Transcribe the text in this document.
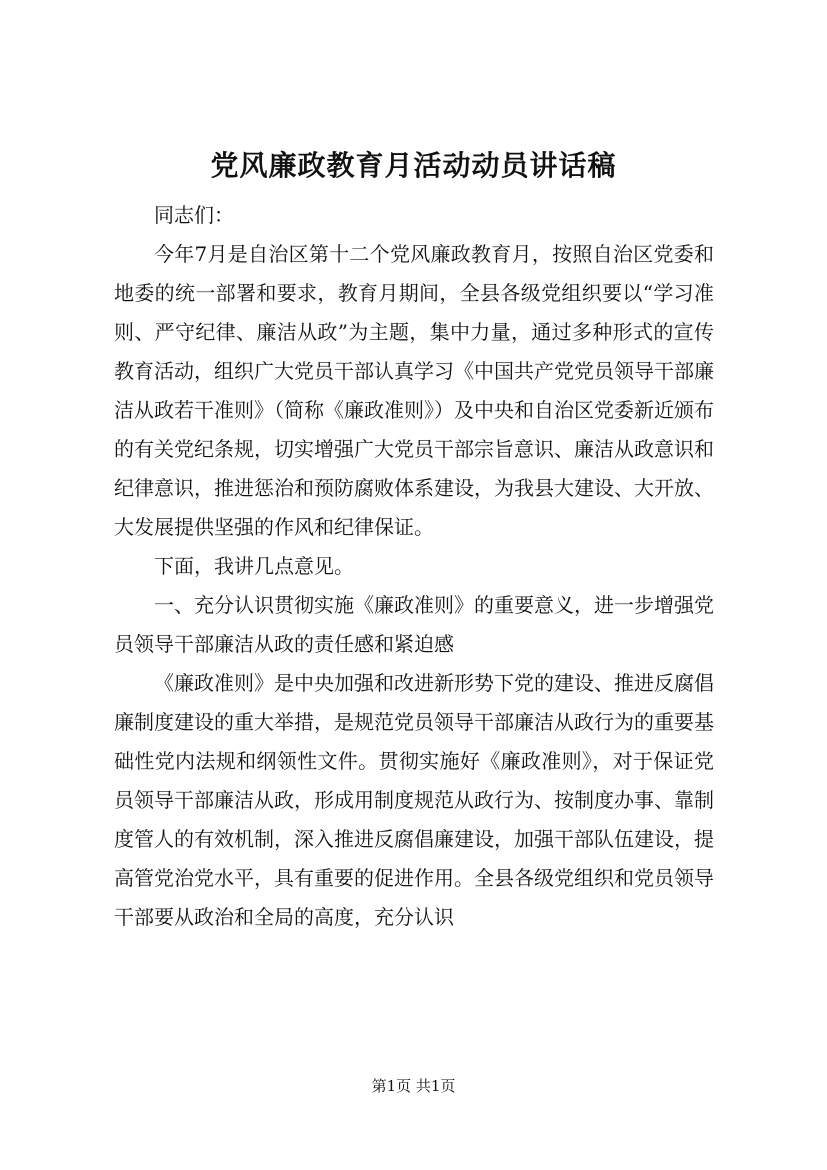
党风廉政教育月活动动员讲话稿

同志们：

今年7月是自治区第十二个党风廉政教育月，按照自治区党委和地委的统一部署和要求，教育月期间，全县各级党组织要以“学习准则、严守纪律、廉洁从政”为主题，集中力量，通过多种形式的宣传教育活动，组织广大党员干部认真学习《中国共产党党员领导干部廉洁从政若干准则》（简称《廉政准则》）及中央和自治区党委新近颁布的有关党纪条规，切实增强广大党员干部宗旨意识、廉洁从政意识和纪律意识，推进惩治和预防腐败体系建设，为我县大建设、大开放、大发展提供坚强的作风和纪律保证。

下面，我讲几点意见。

一、充分认识贯彻实施《廉政准则》的重要意义，进一步增强党员领导干部廉洁从政的责任感和紧迫感

《廉政准则》是中央加强和改进新形势下党的建设、推进反腐倡廉制度建设的重大举措，是规范党员领导干部廉洁从政行为的重要基础性党内法规和纲领性文件。贯彻实施好《廉政准则》，对于保证党员领导干部廉洁从政，形成用制度规范从政行为、按制度办事、靠制度管人的有效机制，深入推进反腐倡廉建设，加强干部队伍建设，提高管党治党水平，具有重要的促进作用。全县各级党组织和党员领导干部要从政治和全局的高度，充分认识

第1页 共1页
